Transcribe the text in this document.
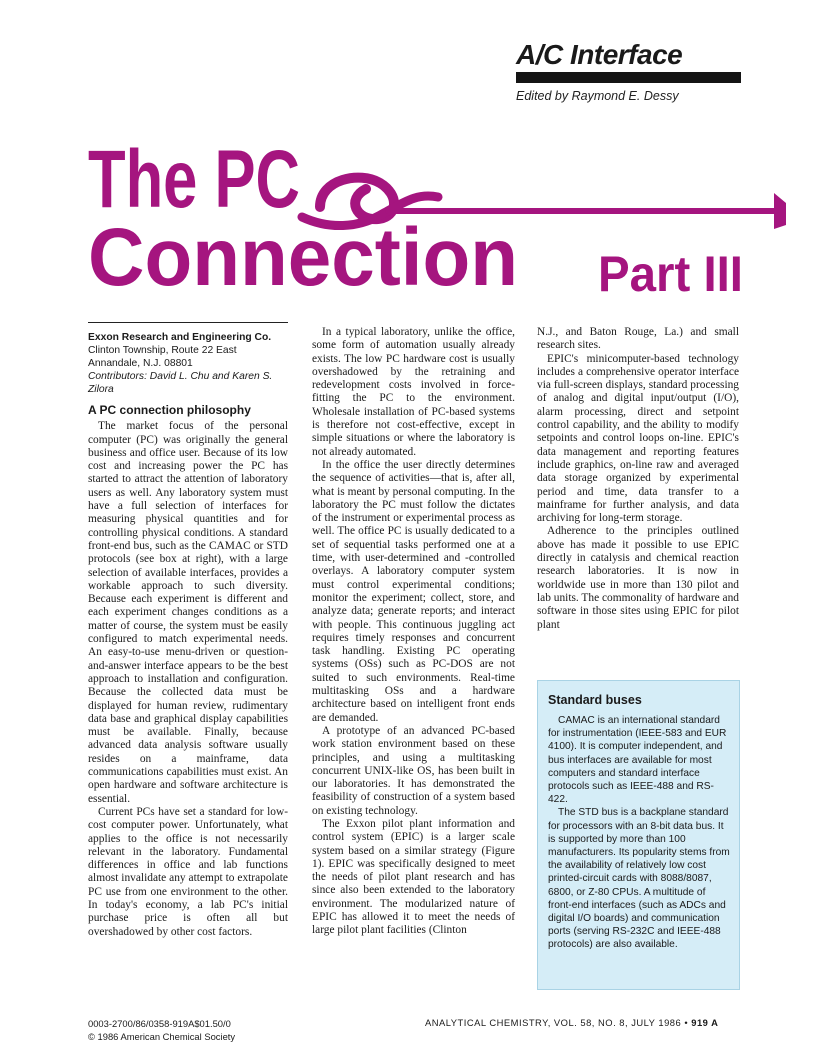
A/C Interface
Edited by Raymond E. Dessy
The PC
Connection Part III
Exxon Research and Engineering Co.
Clinton Township, Route 22 East
Annandale, N.J. 08801
Contributors: David L. Chu and Karen S. Zilora
A PC connection philosophy

The market focus of the personal computer (PC) was originally the general business and office user. Because of its low cost and increasing power the PC has started to attract the attention of laboratory users as well. Any laboratory system must have a full selection of interfaces for measuring physical quantities and for controlling physical conditions. A standard front-end bus, such as the CAMAC or STD protocols (see box at right), with a large selection of available interfaces, provides a workable approach to such diversity. Because each experiment is different and each experiment changes conditions as a matter of course, the system must be easily configured to match experimental needs. An easy-to-use menu-driven or question-and-answer interface appears to be the best approach to installation and configuration. Because the collected data must be displayed for human review, rudimentary data base and graphical display capabilities must be available. Finally, because advanced data analysis software usually resides on a mainframe, data communications capabilities must exist. An open hardware and software architecture is essential.

Current PCs have set a standard for low-cost computer power. Unfortunately, what applies to the office is not necessarily relevant in the laboratory. Fundamental differences in office and lab functions almost invalidate any attempt to extrapolate PC use from one environment to the other. In today's economy, a lab PC's initial purchase price is often all but overshadowed by other cost factors.

In a typical laboratory, unlike the office, some form of automation usually already exists. The low PC hardware cost is usually overshadowed by the retraining and redevelopment costs involved in force-fitting the PC to the environment. Wholesale installation of PC-based systems is therefore not cost-effective, except in simple situations or where the laboratory is not already automated.

In the office the user directly determines the sequence of activities—that is, after all, what is meant by personal computing. In the laboratory the PC must follow the dictates of the instrument or experimental process as well. The office PC is usually dedicated to a set of sequential tasks performed one at a time, with user-determined and -controlled overlays. A laboratory computer system must control experimental conditions; monitor the experiment; collect, store, and analyze data; generate reports; and interact with people. This continuous juggling act requires timely responses and concurrent task handling. Existing PC operating systems (OSs) such as PC-DOS are not suited to such environments. Real-time multitasking OSs and a hardware architecture based on intelligent front ends are demanded.

A prototype of an advanced PC-based work station environment based on these principles, and using a multitasking concurrent UNIX-like OS, has been built in our laboratories. It has demonstrated the feasibility of construction of a system based on existing technology.

The Exxon pilot plant information and control system (EPIC) is a larger scale system based on a similar strategy (Figure 1). EPIC was specifically designed to meet the needs of pilot plant research and has since also been extended to the laboratory environment. The modularized nature of EPIC has allowed it to meet the needs of large pilot plant facilities (Clinton

N.J., and Baton Rouge, La.) and small research sites.

EPIC's minicomputer-based technology includes a comprehensive operator interface via full-screen displays, standard processing of analog and digital input/output (I/O), alarm processing, direct and setpoint control capability, and the ability to modify setpoints and control loops on-line. EPIC's data management and reporting features include graphics, on-line raw and averaged data storage organized by experimental period and time, data transfer to a mainframe for further analysis, and data archiving for long-term storage.

Adherence to the principles outlined above has made it possible to use EPIC directly in catalysis and chemical reaction research laboratories. It is now in worldwide use in more than 130 pilot and lab units. The commonality of hardware and software in those sites using EPIC for pilot plant

Standard buses

CAMAC is an international standard for instrumentation (IEEE-583 and EUR 4100). It is computer independent, and bus interfaces are available for most computers and standard interface protocols such as IEEE-488 and RS-422.

The STD bus is a backplane standard for processors with an 8-bit data bus. It is supported by more than 100 manufacturers. Its popularity stems from the availability of relatively low cost printed-circuit cards with 8088/8087, 6800, or Z-80 CPUs. A multitude of front-end interfaces (such as ADCs and digital I/O boards) and communication ports (serving RS-232C and IEEE-488 protocols) are also available.

0003-2700/86/0358-919A$01.50/0
© 1986 American Chemical Society
ANALYTICAL CHEMISTRY, VOL. 58, NO. 8, JULY 1986 • 919 A
